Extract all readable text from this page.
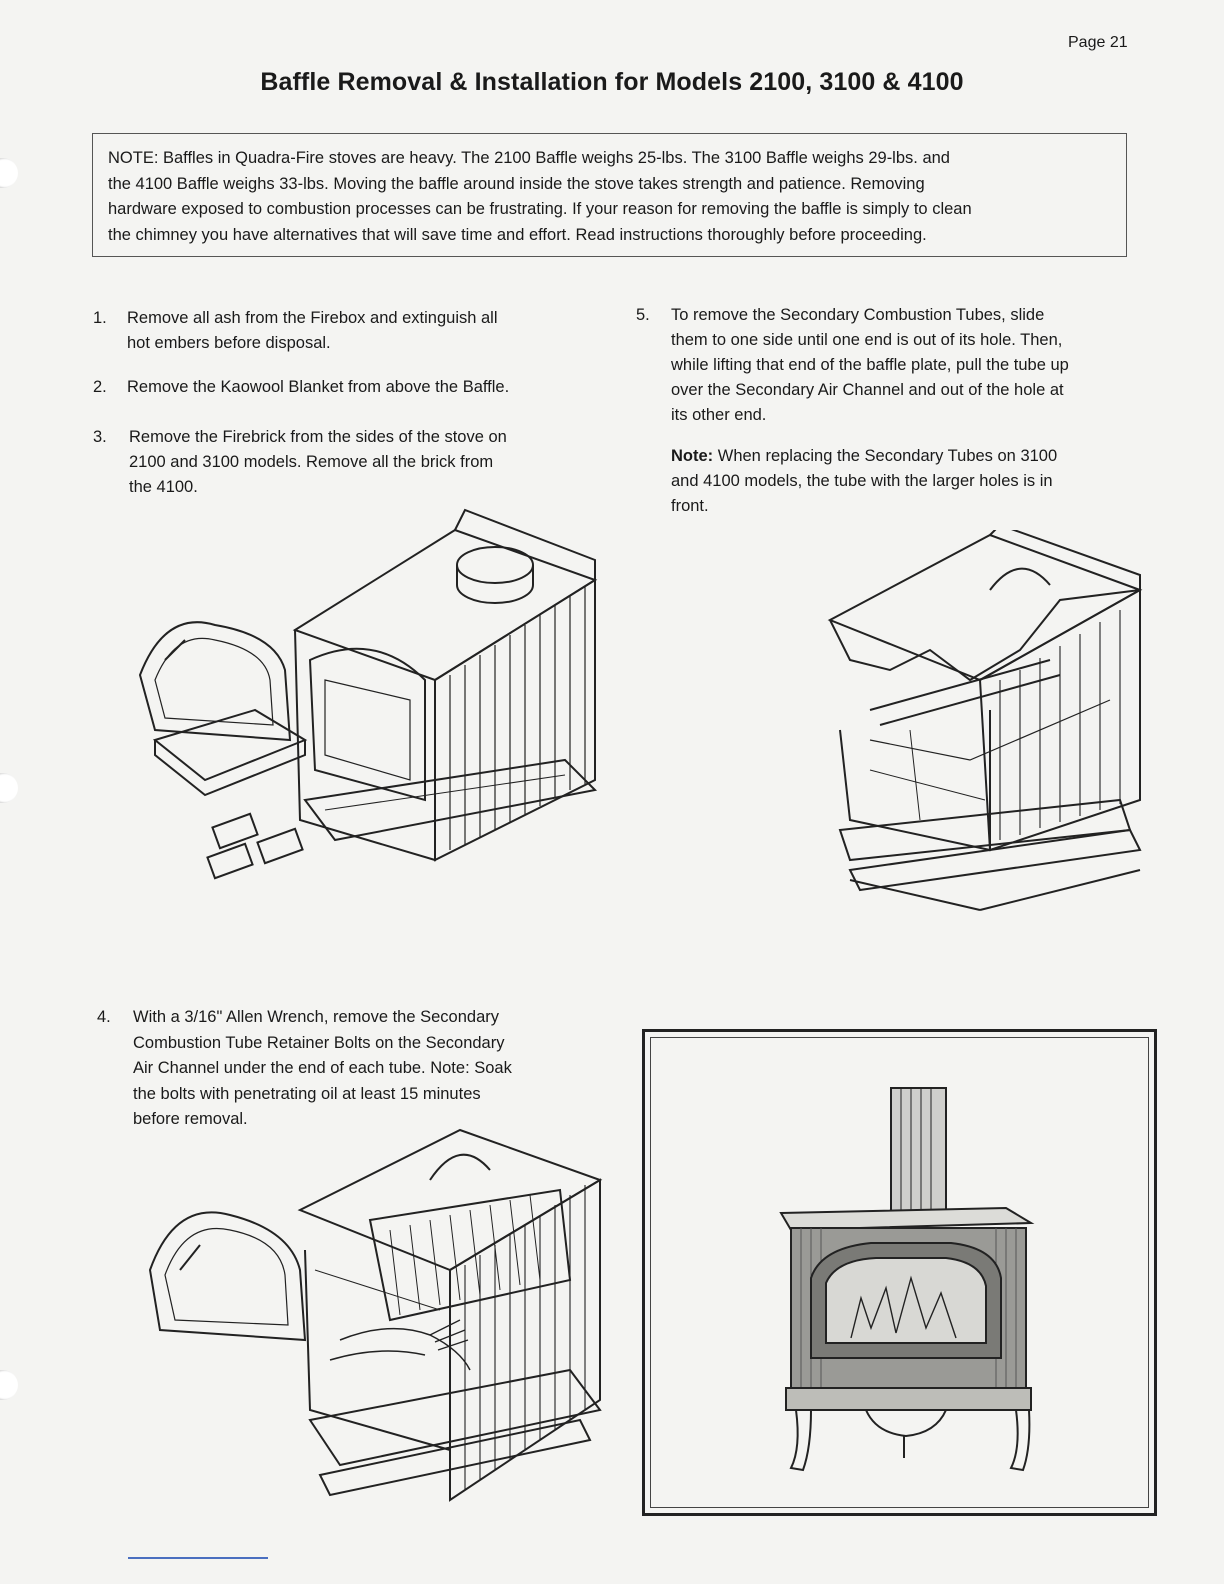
Page 21
Baffle Removal & Installation for Models 2100, 3100 & 4100
NOTE: Baffles in Quadra-Fire stoves are heavy. The 2100 Baffle weighs 25-lbs. The 3100 Baffle weighs 29-lbs. and
the 4100 Baffle weighs 33-lbs. Moving the baffle around inside the stove takes strength and patience. Removing
hardware exposed to combustion processes can be frustrating. If your reason for removing the baffle is simply to clean
the chimney you have alternatives that will save time and effort. Read instructions thoroughly before proceeding.
1. Remove all ash from the Firebox and extinguish all
hot embers before disposal.
2. Remove the Kaowool Blanket from above the Baffle.
3. Remove the Firebrick from the sides of the stove on
2100 and 3100 models. Remove all the brick from
the 4100.
4. With a 3/16" Allen Wrench, remove the Secondary
Combustion Tube Retainer Bolts on the Secondary
Air Channel under the end of each tube. Note: Soak
the bolts with penetrating oil at least 15 minutes
before removal.
5. To remove the Secondary Combustion Tubes, slide
them to one side until one end is out of its hole. Then,
while lifting that end of the baffle plate, pull the tube up
over the Secondary Air Channel and out of the hole at
its other end.
Note: When replacing the Secondary Tubes on 3100
and 4100 models, the tube with the larger holes is in
front.
